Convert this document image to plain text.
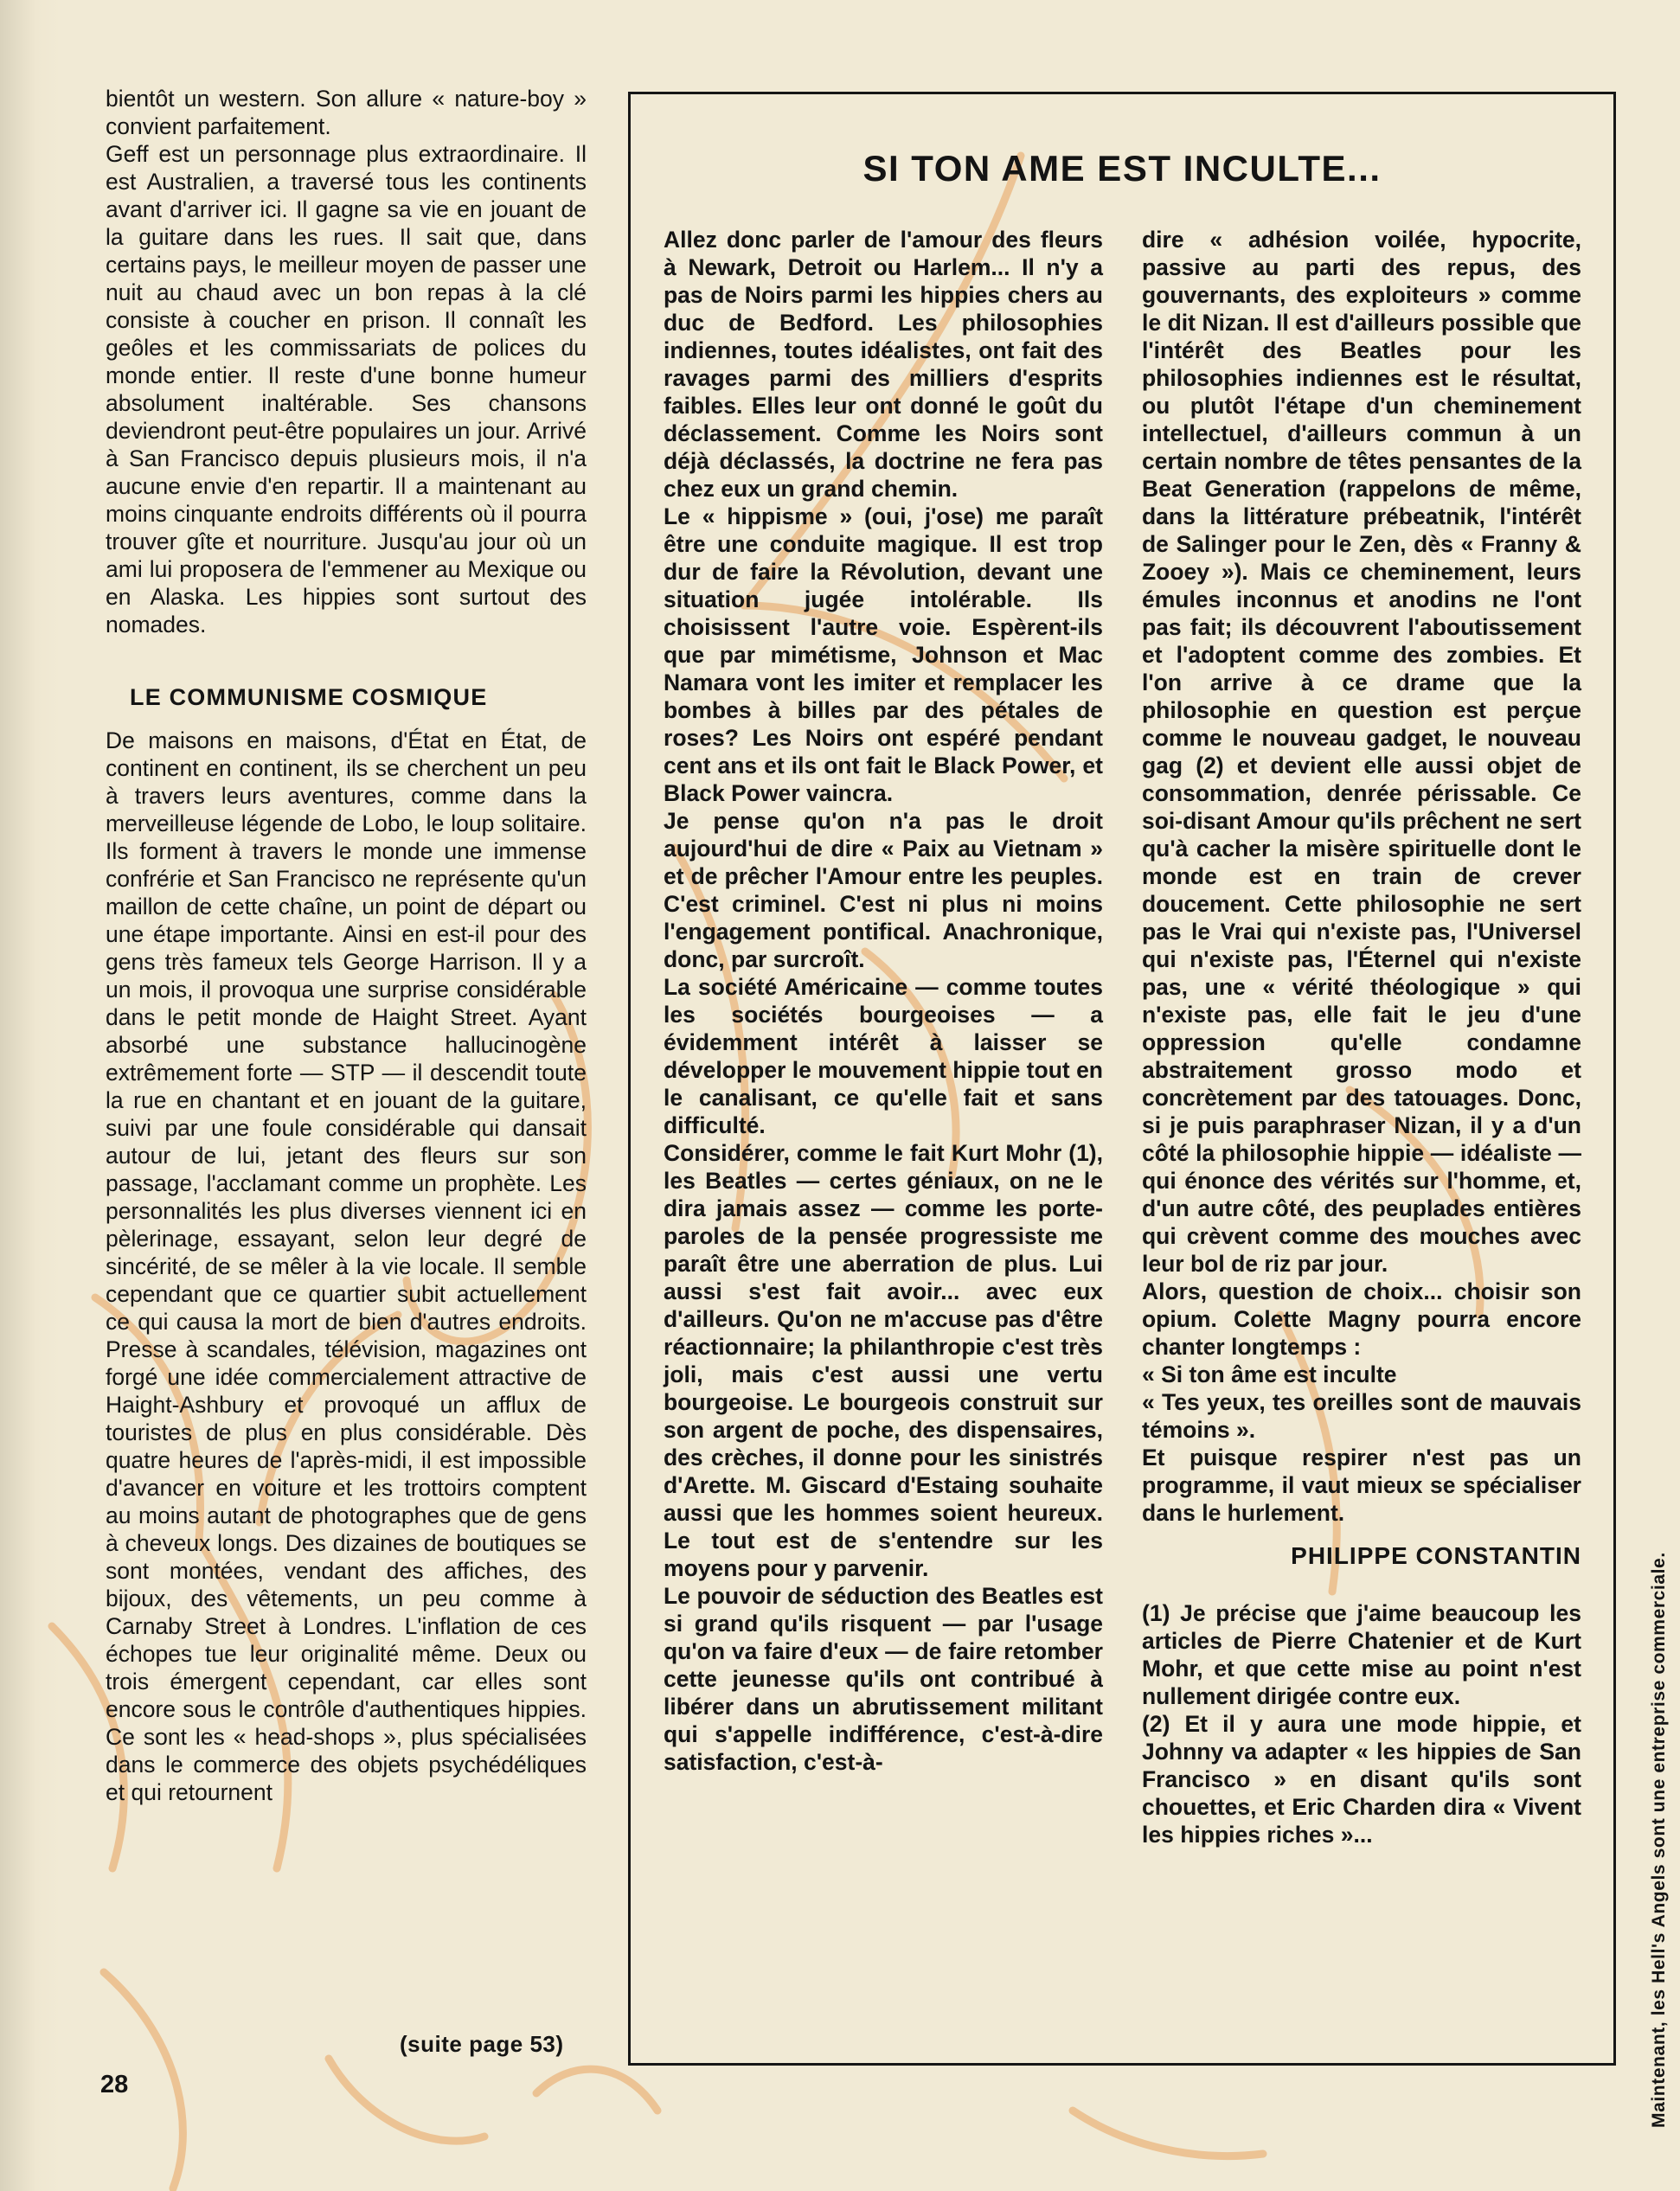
bientôt un western. Son allure « nature-boy » convient parfaitement.

Geff est un personnage plus extraordinaire. Il est Australien, a traversé tous les continents avant d'arriver ici. Il gagne sa vie en jouant de la guitare dans les rues. Il sait que, dans certains pays, le meilleur moyen de passer une nuit au chaud avec un bon repas à la clé consiste à coucher en prison. Il connaît les geôles et les commissariats de polices du monde entier. Il reste d'une bonne humeur absolument inaltérable. Ses chansons deviendront peut-être populaires un jour. Arrivé à San Francisco depuis plusieurs mois, il n'a aucune envie d'en repartir. Il a maintenant au moins cinquante endroits différents où il pourra trouver gîte et nourriture. Jusqu'au jour où un ami lui proposera de l'emmener au Mexique ou en Alaska. Les hippies sont surtout des nomades.

LE COMMUNISME COSMIQUE

De maisons en maisons, d'État en État, de continent en continent, ils se cherchent un peu à travers leurs aventures, comme dans la merveilleuse légende de Lobo, le loup solitaire. Ils forment à travers le monde une immense confrérie et San Francisco ne représente qu'un maillon de cette chaîne, un point de départ ou une étape importante. Ainsi en est-il pour des gens très fameux tels George Harrison. Il y a un mois, il provoqua une surprise considérable dans le petit monde de Haight Street. Ayant absorbé une substance hallucinogène extrêmement forte — STP — il descendit toute la rue en chantant et en jouant de la guitare, suivi par une foule considérable qui dansait autour de lui, jetant des fleurs sur son passage, l'acclamant comme un prophète. Les personnalités les plus diverses viennent ici en pèlerinage, essayant, selon leur degré de sincérité, de se mêler à la vie locale. Il semble cependant que ce quartier subit actuellement ce qui causa la mort de bien d'autres endroits. Presse à scandales, télévision, magazines ont forgé une idée commercialement attractive de Haight-Ashbury et provoqué un afflux de touristes de plus en plus considérable. Dès quatre heures de l'après-midi, il est impossible d'avancer en voiture et les trottoirs comptent au moins autant de photographes que de gens à cheveux longs. Des dizaines de boutiques se sont montées, vendant des affiches, des bijoux, des vêtements, un peu comme à Carnaby Street à Londres. L'inflation de ces échopes tue leur originalité même. Deux ou trois émergent cependant, car elles sont encore sous le contrôle d'authentiques hippies. Ce sont les « head-shops », plus spécialisées dans le commerce des objets psychédéliques et qui retournent

(suite page 53)
28
SI TON AME EST INCULTE...

Allez donc parler de l'amour des fleurs à Newark, Detroit ou Harlem... Il n'y a pas de Noirs parmi les hippies chers au duc de Bedford. Les philosophies indiennes, toutes idéalistes, ont fait des ravages parmi des milliers d'esprits faibles. Elles leur ont donné le goût du déclassement. Comme les Noirs sont déjà déclassés, la doctrine ne fera pas chez eux un grand chemin.

Le « hippisme » (oui, j'ose) me paraît être une conduite magique. Il est trop dur de faire la Révolution, devant une situation jugée intolérable. Ils choisissent l'autre voie. Espèrent-ils que par mimétisme, Johnson et Mac Namara vont les imiter et remplacer les bombes à billes par des pétales de roses? Les Noirs ont espéré pendant cent ans et ils ont fait le Black Power, et Black Power vaincra.

Je pense qu'on n'a pas le droit aujourd'hui de dire « Paix au Vietnam » et de prêcher l'Amour entre les peuples. C'est criminel. C'est ni plus ni moins l'engagement pontifical. Anachronique, donc, par surcroît.

La société Américaine — comme toutes les sociétés bourgeoises — a évidemment intérêt à laisser se développer le mouvement hippie tout en le canalisant, ce qu'elle fait et sans difficulté.

Considérer, comme le fait Kurt Mohr (1), les Beatles — certes géniaux, on ne le dira jamais assez — comme les porte-paroles de la pensée progressiste me paraît être une aberration de plus. Lui aussi s'est fait avoir... avec eux d'ailleurs. Qu'on ne m'accuse pas d'être réactionnaire; la philanthropie c'est très joli, mais c'est aussi une vertu bourgeoise. Le bourgeois construit sur son argent de poche, des dispensaires, des crèches, il donne pour les sinistrés d'Arette. M. Giscard d'Estaing souhaite aussi que les hommes soient heureux. Le tout est de s'entendre sur les moyens pour y parvenir.

Le pouvoir de séduction des Beatles est si grand qu'ils risquent — par l'usage qu'on va faire d'eux — de faire retomber cette jeunesse qu'ils ont contribué à libérer dans un abrutissement militant qui s'appelle indifférence, c'est-à-dire satisfaction, c'est-à-

dire « adhésion voilée, hypocrite, passive au parti des repus, des gouvernants, des exploiteurs » comme le dit Nizan. Il est d'ailleurs possible que l'intérêt des Beatles pour les philosophies indiennes est le résultat, ou plutôt l'étape d'un cheminement intellectuel, d'ailleurs commun à un certain nombre de têtes pensantes de la Beat Generation (rappelons de même, dans la littérature prébeatnik, l'intérêt de Salinger pour le Zen, dès « Franny & Zooey »). Mais ce cheminement, leurs émules inconnus et anodins ne l'ont pas fait; ils découvrent l'aboutissement et l'adoptent comme des zombies. Et l'on arrive à ce drame que la philosophie en question est perçue comme le nouveau gadget, le nouveau gag (2) et devient elle aussi objet de consommation, denrée périssable. Ce soi-disant Amour qu'ils prêchent ne sert qu'à cacher la misère spirituelle dont le monde est en train de crever doucement. Cette philosophie ne sert pas le Vrai qui n'existe pas, l'Universel qui n'existe pas, l'Éternel qui n'existe pas, une « vérité théologique » qui n'existe pas, elle fait le jeu d'une oppression qu'elle condamne abstraitement grosso modo et concrètement par des tatouages. Donc, si je puis paraphraser Nizan, il y a d'un côté la philosophie hippie — idéaliste — qui énonce des vérités sur l'homme, et, d'un autre côté, des peuplades entières qui crèvent comme des mouches avec leur bol de riz par jour.

Alors, question de choix... choisir son opium. Colette Magny pourra encore chanter longtemps :

« Si ton âme est inculte

« Tes yeux, tes oreilles sont de mauvais témoins ».

Et puisque respirer n'est pas un programme, il vaut mieux se spécialiser dans le hurlement.

PHILIPPE CONSTANTIN

(1) Je précise que j'aime beaucoup les articles de Pierre Chatenier et de Kurt Mohr, et que cette mise au point n'est nullement dirigée contre eux.

(2) Et il y aura une mode hippie, et Johnny va adapter « les hippies de San Francisco » en disant qu'ils sont chouettes, et Eric Charden dira « Vivent les hippies riches »...	Maintenant, les Hell's Angels sont une entreprise commerciale.
